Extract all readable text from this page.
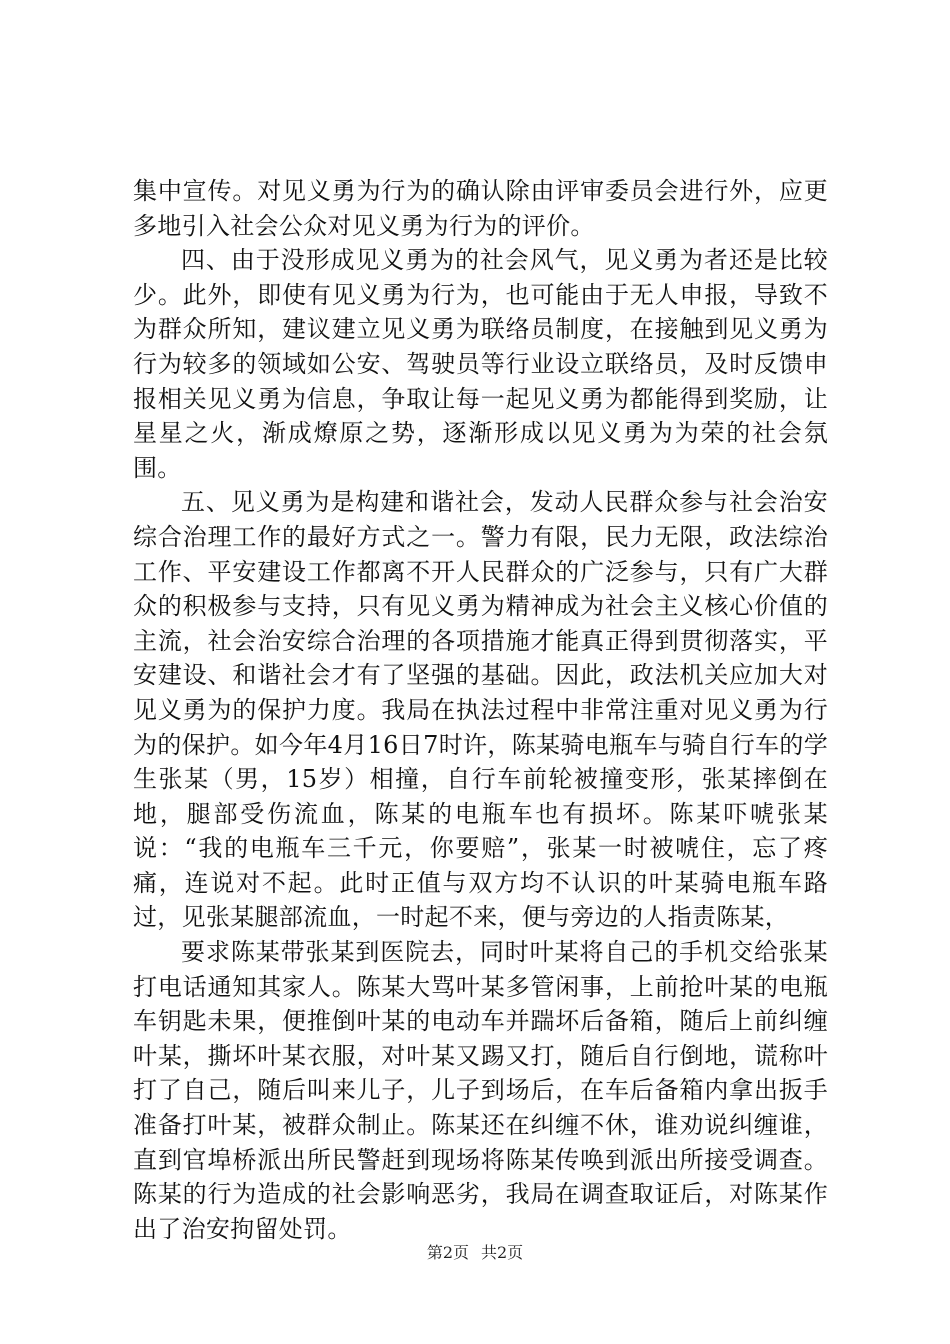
集中宣传。对见义勇为行为的确认除由评审委员会进行外，应更多地引入社会公众对见义勇为行为的评价。

四、由于没形成见义勇为的社会风气，见义勇为者还是比较少。此外，即使有见义勇为行为，也可能由于无人申报，导致不为群众所知，建议建立见义勇为联络员制度，在接触到见义勇为行为较多的领域如公安、驾驶员等行业设立联络员，及时反馈申报相关见义勇为信息，争取让每一起见义勇为都能得到奖励，让星星之火，渐成燎原之势，逐渐形成以见义勇为为荣的社会氛围。

五、见义勇为是构建和谐社会，发动人民群众参与社会治安综合治理工作的最好方式之一。警力有限，民力无限，政法综治工作、平安建设工作都离不开人民群众的广泛参与，只有广大群众的积极参与支持，只有见义勇为精神成为社会主义核心价值的主流，社会治安综合治理的各项措施才能真正得到贯彻落实，平安建设、和谐社会才有了坚强的基础。因此，政法机关应加大对见义勇为的保护力度。我局在执法过程中非常注重对见义勇为行为的保护。如今年4月16日7时许，陈某骑电瓶车与骑自行车的学生张某（男，15岁）相撞，自行车前轮被撞变形，张某摔倒在地，腿部受伤流血，陈某的电瓶车也有损坏。陈某吓唬张某说：“我的电瓶车三千元，你要赔”，张某一时被唬住，忘了疼痛，连说对不起。此时正值与双方均不认识的叶某骑电瓶车路过，见张某腿部流血，一时起不来，便与旁边的人指责陈某，

要求陈某带张某到医院去，同时叶某将自己的手机交给张某打电话通知其家人。陈某大骂叶某多管闲事，上前抢叶某的电瓶车钥匙未果，便推倒叶某的电动车并踹坏后备箱，随后上前纠缠叶某，撕坏叶某衣服，对叶某又踢又打，随后自行倒地，谎称叶打了自己，随后叫来儿子，儿子到场后，在车后备箱内拿出扳手准备打叶某，被群众制止。陈某还在纠缠不休，谁劝说纠缠谁，直到官埠桥派出所民警赶到现场将陈某传唤到派出所接受调查。陈某的行为造成的社会影响恶劣，我局在调查取证后，对陈某作出了治安拘留处罚。

第2页 共2页
